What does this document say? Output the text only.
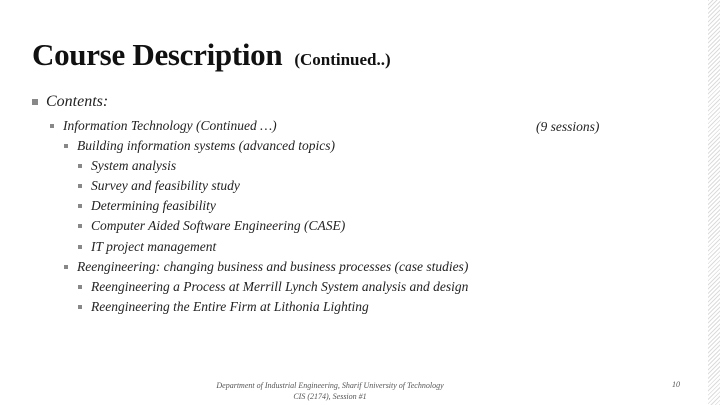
Course Description (Continued..)
Contents:
Information Technology (Continued …)
Building information systems (advanced topics)
System analysis
Survey and feasibility study
Determining feasibility
Computer Aided Software Engineering (CASE)
IT project management
Reengineering: changing business and business processes (case studies)
Reengineering a Process at Merrill Lynch System analysis and design
Reengineering the Entire Firm at Lithonia Lighting
(9 sessions)
Department of Industrial Engineering, Sharif University of Technology
CIS (2174), Session #1
10
